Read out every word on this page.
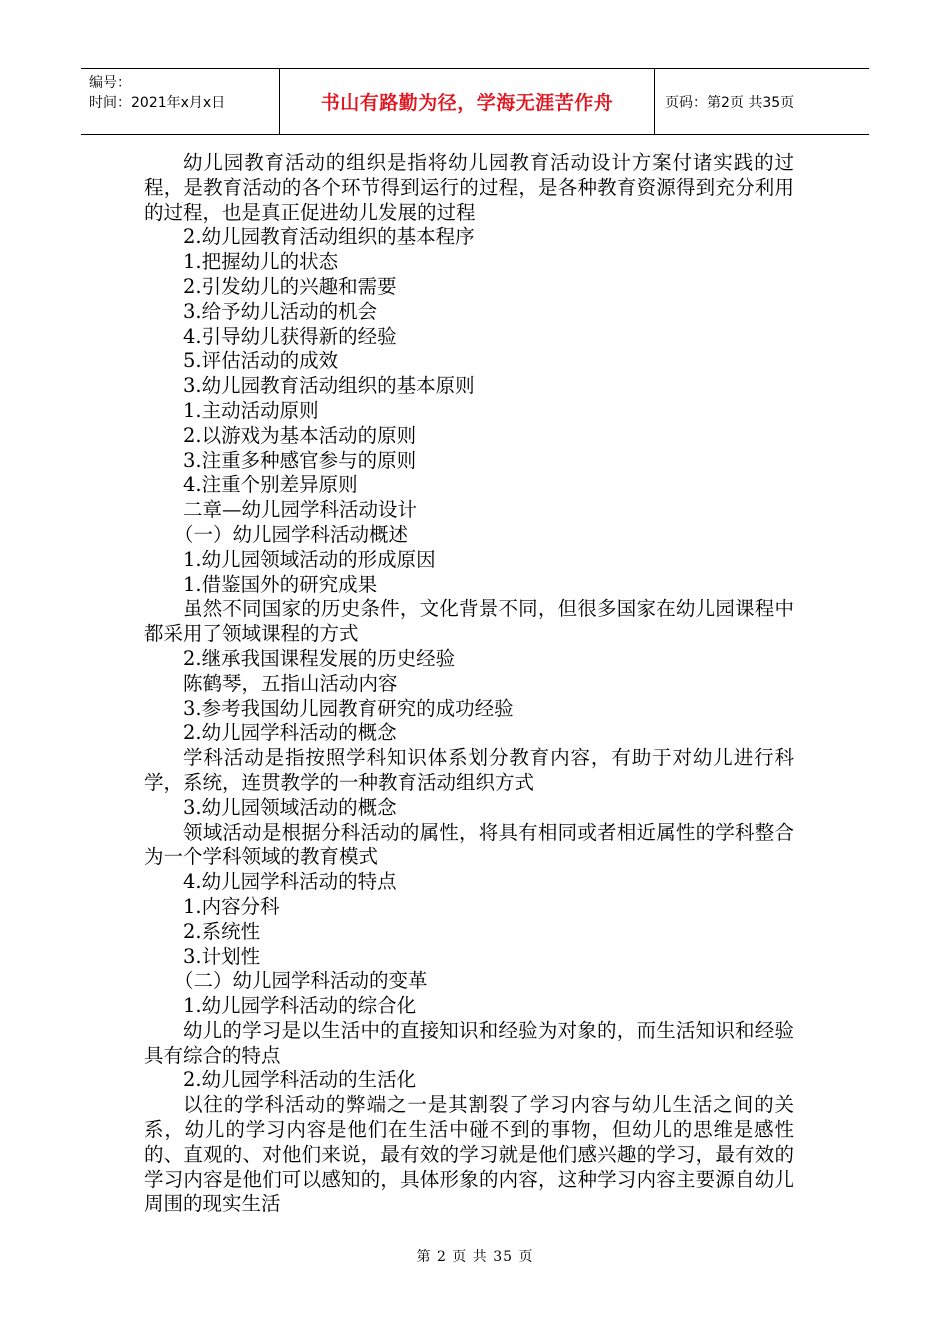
编号：
时间：2021年x月x日	书山有路勤为径，学海无涯苦作舟	页码：第2页 共35页

幼儿园教育活动的组织是指将幼儿园教育活动设计方案付诸实践的过程，是教育活动的各个环节得到运行的过程，是各种教育资源得到充分利用的过程，也是真正促进幼儿发展的过程

2.幼儿园教育活动组织的基本程序

1.把握幼儿的状态

2.引发幼儿的兴趣和需要

3.给予幼儿活动的机会

4.引导幼儿获得新的经验

5.评估活动的成效

3.幼儿园教育活动组织的基本原则

1.主动活动原则

2.以游戏为基本活动的原则

3.注重多种感官参与的原则

4.注重个别差异原则

二章—幼儿园学科活动设计

（一）幼儿园学科活动概述

1.幼儿园领域活动的形成原因

1.借鉴国外的研究成果

虽然不同国家的历史条件，文化背景不同，但很多国家在幼儿园课程中都采用了领域课程的方式

2.继承我国课程发展的历史经验

陈鹤琴，五指山活动内容

3.参考我国幼儿园教育研究的成功经验

2.幼儿园学科活动的概念

学科活动是指按照学科知识体系划分教育内容，有助于对幼儿进行科学，系统，连贯教学的一种教育活动组织方式

3.幼儿园领域活动的概念

领域活动是根据分科活动的属性，将具有相同或者相近属性的学科整合为一个学科领域的教育模式

4.幼儿园学科活动的特点

1.内容分科

2.系统性

3.计划性

（二）幼儿园学科活动的变革

1.幼儿园学科活动的综合化

幼儿的学习是以生活中的直接知识和经验为对象的，而生活知识和经验具有综合的特点

2.幼儿园学科活动的生活化

以往的学科活动的弊端之一是其割裂了学习内容与幼儿生活之间的关系，幼儿的学习内容是他们在生活中碰不到的事物，但幼儿的思维是感性的、直观的、对他们来说，最有效的学习就是他们感兴趣的学习，最有效的学习内容是他们可以感知的，具体形象的内容，这种学习内容主要源自幼儿周围的现实生活

第 2 页 共 35 页
